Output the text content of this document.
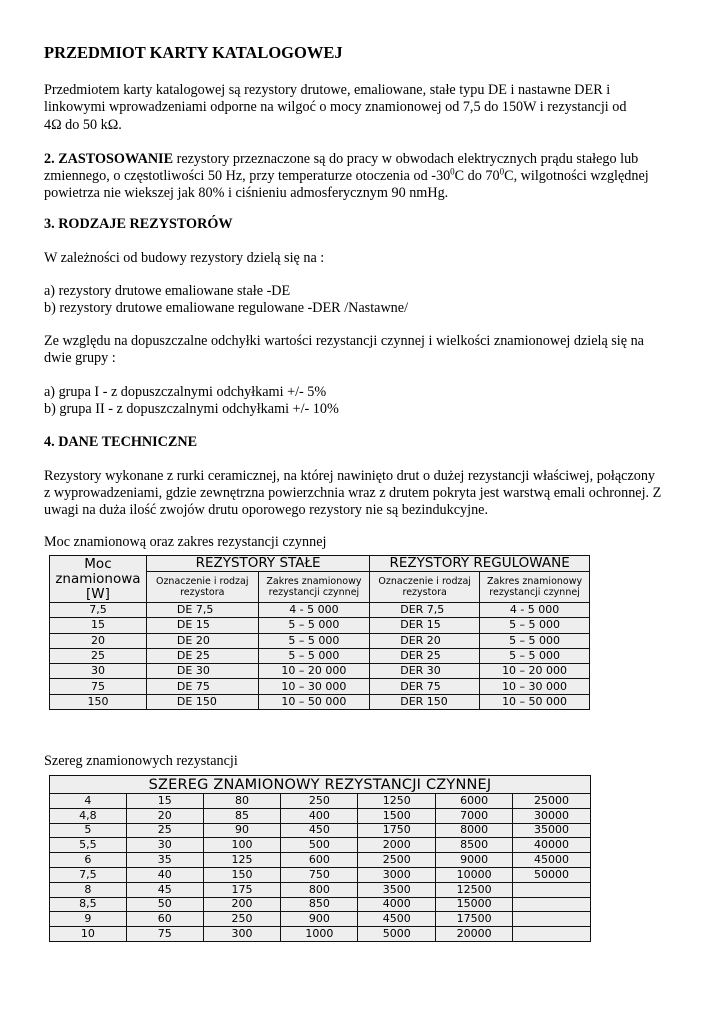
PRZEDMIOT KARTY KATALOGOWEJ
Przedmiotem karty katalogowej są rezystory drutowe, emaliowane, stałe typu DE i nastawne DER i
linkowymi wprowadzeniami odporne na wilgoć o mocy znamionowej od 7,5 do 150W i rezystancji od
4Ω do 50 kΩ.
2. ZASTOSOWANIE rezystory przeznaczone są do pracy w obwodach elektrycznych prądu stałego lub
zmiennego, o częstotliwości 50 Hz, przy temperaturze otoczenia od $-30^0C$ do $70^0C$, wilgotności względnej
powietrza nie wiekszej jak 80% i ciśnieniu admosferycznym 90 nmHg.
3. RODZAJE REZYSTORÓW
W zależności od budowy rezystory dzielą się na :
a) rezystory drutowe emaliowane stałe -DE
b) rezystory drutowe emaliowane regulowane -DER /Nastawne/
Ze względu na dopuszczalne odchyłki wartości rezystancji czynnej i wielkości znamionowej dzielą się na
dwie grupy :
a) grupa I - z dopuszczalnymi odchyłkami +/- 5%
b) grupa II - z dopuszczalnymi odchyłkami +/- 10%
4. DANE TECHNICZNE
Rezystory wykonane z rurki ceramicznej, na której nawinięto drut o dużej rezystancji właściwej, połączony
z wyprowadzeniami, gdzie zewnętrzna powierzchnia wraz z drutem pokryta jest warstwą emali ochronnej. Z
uwagi na duża ilość zwojów drutu oporowego rezystory nie są bezindukcyjne.
Moc znamionową oraz zakres rezystancji czynnej
Moc
znamionowa
[W]	REZYSTORY STAŁE		REZYSTORY REGULOWANE	
	Oznaczenie i rodzaj rezystora	Zakres znamionowy rezystancji czynnej	Oznaczenie i rodzaj rezystora	Zakres znamionowy rezystancji czynnej
7,5	DE 7,5	4 - 5 000	DER 7,5	4 - 5 000
15	DE 15	5 – 5 000	DER 15	5 – 5 000
20	DE 20	5 – 5 000	DER 20	5 – 5 000
25	DE 25	5 – 5 000	DER 25	5 – 5 000
30	DE 30	10 – 20 000	DER 30	10 – 20 000
75	DE 75	10 – 30 000	DER 75	10 – 30 000
150	DE 150	10 – 50 000	DER 150	10 – 50 000
Szereg znamionowych rezystancji
SZEREG ZNAMIONOWY REZYSTANCJI CZYNNEJ						
4	15	80	250	1250	6000	25000
4,8	20	85	400	1500	7000	30000
5	25	90	450	1750	8000	35000
5,5	30	100	500	2000	8500	40000
6	35	125	600	2500	9000	45000
7,5	40	150	750	3000	10000	50000
8	45	175	800	3500	12500	
8,5	50	200	850	4000	15000	
9	60	250	900	4500	17500	
10	75	300	1000	5000	20000	
